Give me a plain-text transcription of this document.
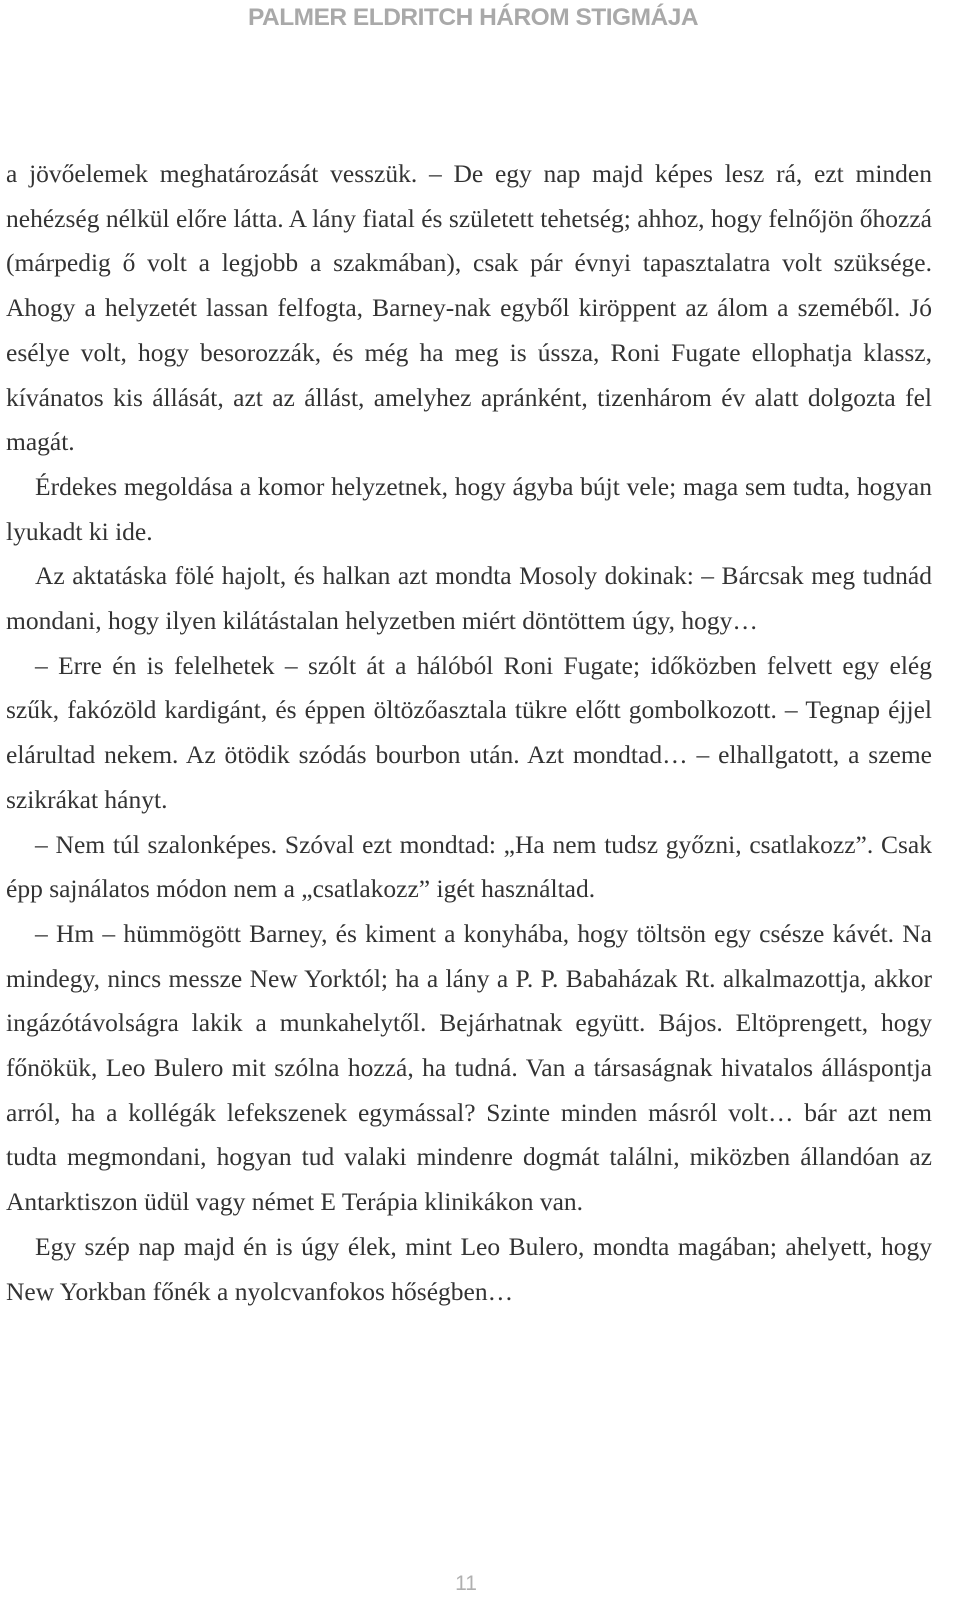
PALMER ELDRITCH HÁROM STIGMÁJA

a jövőelemek meghatározását vesszük. – De egy nap majd képes lesz rá, ezt minden nehézség nélkül előre látta. A lány fiatal és született tehetség; ahhoz, hogy felnőjön őhozzá (márpedig ő volt a legjobb a szakmában), csak pár évnyi tapasztalatra volt szüksége. Ahogy a helyzetét lassan felfogta, Barney-nak egyből kiröppent az álom a szeméből. Jó esélye volt, hogy besorozzák, és még ha meg is ússza, Roni Fugate ellophatja klassz, kívánatos kis állását, azt az állást, amelyhez apránként, tizenhárom év alatt dolgozta fel magát.

Érdekes megoldása a komor helyzetnek, hogy ágyba bújt vele; maga sem tudta, hogyan lyukadt ki ide.

Az aktatáska fölé hajolt, és halkan azt mondta Mosoly dokinak: – Bárcsak meg tudnád mondani, hogy ilyen kilátástalan helyzetben miért döntöttem úgy, hogy…

– Erre én is felelhetek – szólt át a hálóból Roni Fugate; időközben felvett egy elég szűk, fakózöld kardigánt, és éppen öltözőasztala tükre előtt gombolkozott. – Tegnap éjjel elárultad nekem. Az ötödik szódás bourbon után. Azt mondtad… – elhallgatott, a szeme szikrákat hányt.

– Nem túl szalonképes. Szóval ezt mondtad: „Ha nem tudsz győzni, csatlakozz”. Csak épp sajnálatos módon nem a „csatlakozz” igét használtad.

– Hm – hümmögött Barney, és kiment a konyhába, hogy töltsön egy csésze kávét. Na mindegy, nincs messze New Yorktól; ha a lány a P. P. Babaházak Rt. alkalmazottja, akkor ingázótávolságra lakik a munkahelytől. Bejárhatnak együtt. Bájos. Eltöprengett, hogy főnökük, Leo Bulero mit szólna hozzá, ha tudná. Van a társaságnak hivatalos álláspontja arról, ha a kollégák lefekszenek egymással? Szinte minden másról volt… bár azt nem tudta megmondani, hogyan tud valaki mindenre dogmát találni, miközben állandóan az Antarktiszon üdül vagy német E Terápia klinikákon van.

Egy szép nap majd én is úgy élek, mint Leo Bulero, mondta magában; ahelyett, hogy New Yorkban főnék a nyolcvanfokos hőségben…

11
